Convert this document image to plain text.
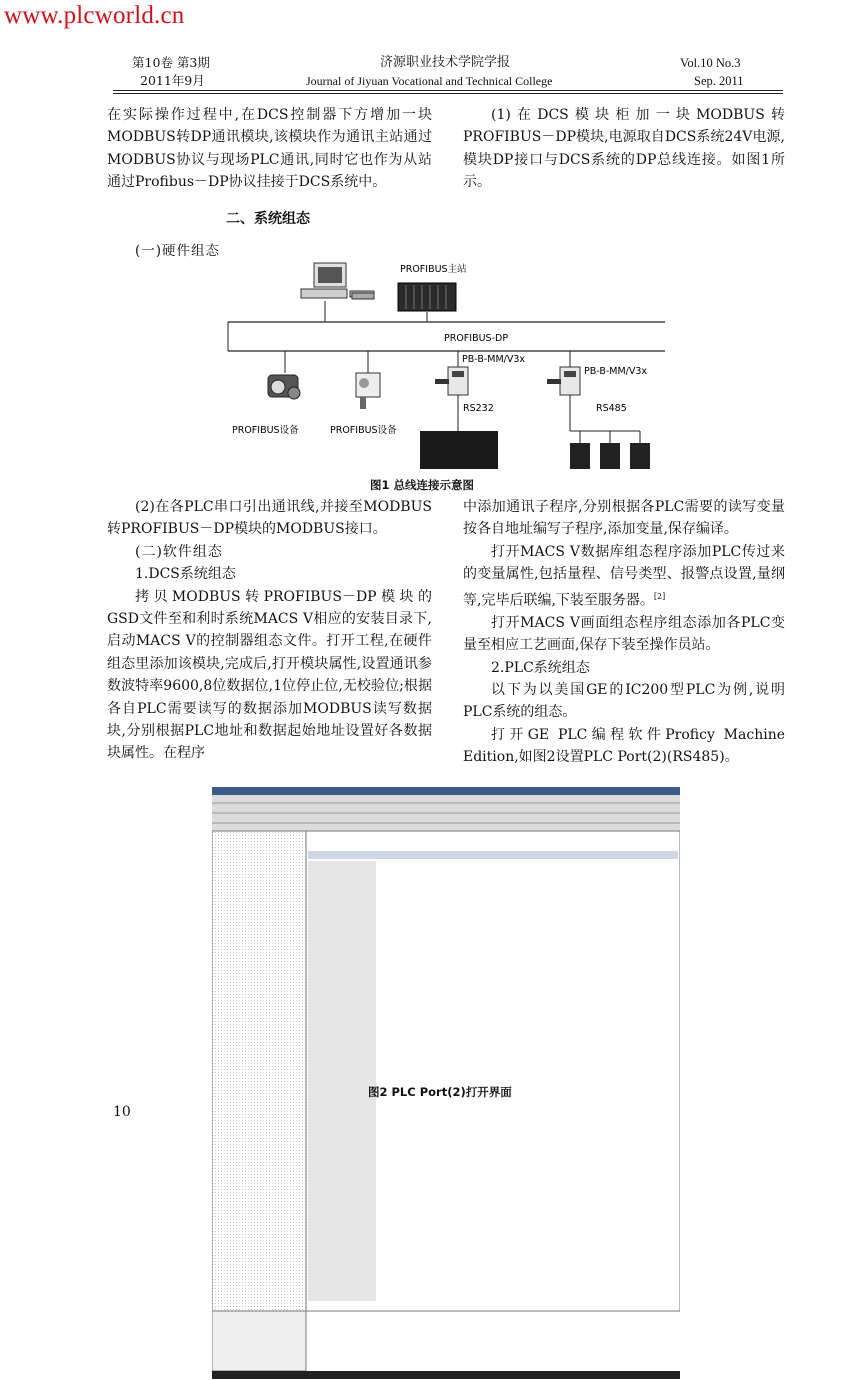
www.plcworld.cn
第10卷 第3期
2011年9月
济源职业技术学院学报
Journal of Jiyuan Vocational and Technical College
Vol.10 No.3
Sep. 2011

在实际操作过程中,在DCS控制器下方增加一块MODBUS转DP通讯模块,该模块作为通讯主站通过MODBUS协议与现场PLC通讯,同时它也作为从站通过Profibus－DP协议挂接于DCS系统中。

(1)在DCS模块柜加一块MODBUS转PROFIBUS－DP模块,电源取自DCS系统24V电源,模块DP接口与DCS系统的DP总线连接。如图1所示。

二、系统组态
(一)硬件组态
PROFIBUS主站
PROFIBUS-DP
PB-B-MM/V3x
PB-B-MM/V3x
RS232	RS485
PROFIBUS设备	PROFIBUS设备
图1 总线连接示意图

(2)在各PLC串口引出通讯线,并接至MODBUS转PROFIBUS－DP模块的MODBUS接口。

(二)软件组态

1.DCS系统组态

拷贝MODBUS转PROFIBUS－DP模块的GSD文件至和利时系统MACS V相应的安装目录下,启动MACS V的控制器组态文件。打开工程,在硬件组态里添加该模块,完成后,打开模块属性,设置通讯参数波特率9600,8位数据位,1位停止位,无校验位;根据各自PLC需要读写的数据添加MODBUS读写数据块,分别根据PLC地址和数据起始地址设置好各数据块属性。在程序

中添加通讯子程序,分别根据各PLC需要的读写变量按各自地址编写子程序,添加变量,保存编译。

打开MACS V数据库组态程序添加PLC传过来的变量属性,包括量程、信号类型、报警点设置,量纲等,完毕后联编,下装至服务器。[2]

打开MACS V画面组态程序组态添加各PLC变量至相应工艺画面,保存下装至操作员站。

2.PLC系统组态

以下为以美国GE的IC200型PLC为例,说明PLC系统的组态。

打开GE PLC编程软件Proficy Machine Edition,如图2设置PLC Port(2)(RS485)。

图2 PLC Port(2)打开界面
10
